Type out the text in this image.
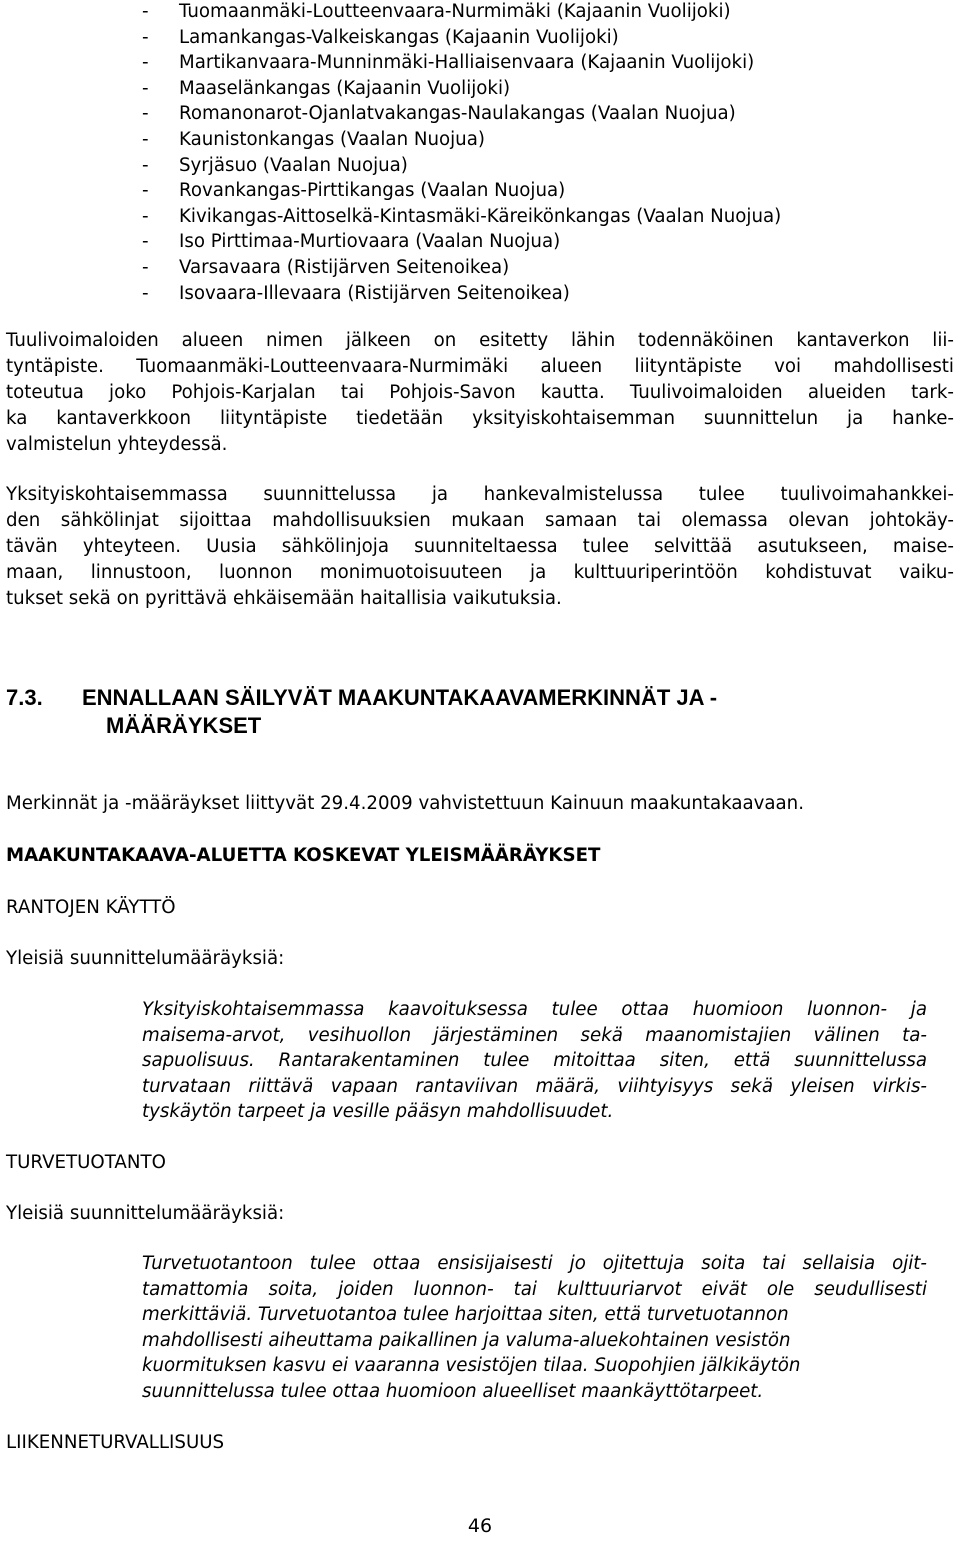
- Tuomaanmäki-Loutteenvaara-Nurmimäki (Kajaanin Vuolijoki)
- Lamankangas-Valkeiskangas (Kajaanin Vuolijoki)
- Martikanvaara-Munninmäki-Halliaisenvaara (Kajaanin Vuolijoki)
- Maaselänkangas (Kajaanin Vuolijoki)
- Romanonarot-Ojanlatvakangas-Naulakangas (Vaalan Nuojua)
- Kaunistonkangas (Vaalan Nuojua)
- Syrjäsuo (Vaalan Nuojua)
- Rovankangas-Pirttikangas (Vaalan Nuojua)
- Kivikangas-Aittoselkä-Kintasmäki-Käreikönkangas (Vaalan Nuojua)
- Iso Pirttimaa-Murtiovaara (Vaalan Nuojua)
- Varsavaara (Ristijärven Seitenoikea)
- Isovaara-Illevaara (Ristijärven Seitenoikea)
Tuulivoimaloiden alueen nimen jälkeen on esitetty lähin todennäköinen kantaverkon lii-
tyntäpiste. Tuomaanmäki-Loutteenvaara-Nurmimäki alueen liityntäpiste voi mahdollisesti
toteutua joko Pohjois-Karjalan tai Pohjois-Savon kautta. Tuulivoimaloiden alueiden tark-
ka kantaverkkoon liityntäpiste tiedetään yksityiskohtaisemman suunnittelun ja hanke-
valmistelun yhteydessä.
Yksityiskohtaisemmassa suunnittelussa ja hankevalmistelussa tulee tuulivoimahankkei-
den sähkölinjat sijoittaa mahdollisuuksien mukaan samaan tai olemassa olevan johtokäy-
tävän yhteyteen. Uusia sähkölinjoja suunniteltaessa tulee selvittää asutukseen, maise-
maan, linnustoon, luonnon monimuotoisuuteen ja kulttuuriperintöön kohdistuvat vaiku-
tukset sekä on pyrittävä ehkäisemään haitallisia vaikutuksia.
7.3. ENNALLAAN SÄILYVÄT MAAKUNTAKAAVAMERKINNÄT JA -
MÄÄRÄYKSET

Merkinnät ja -määräykset liittyvät 29.4.2009 vahvistettuun Kainuun maakuntakaavaan.

MAAKUNTAKAAVA-ALUETTA KOSKEVAT YLEISMÄÄRÄYKSET

RANTOJEN KÄYTTÖ

Yleisiä suunnittelumääräyksiä:

Yksityiskohtaisemmassa kaavoituksessa tulee ottaa huomioon luonnon- ja
maisema-arvot, vesihuollon järjestäminen sekä maanomistajien välinen ta-
sapuolisuus. Rantarakentaminen tulee mitoittaa siten, että suunnittelussa
turvataan riittävä vapaan rantaviivan määrä, viihtyisyys sekä yleisen virkis-
tyskäytön tarpeet ja vesille pääsyn mahdollisuudet.

TURVETUOTANTO

Yleisiä suunnittelumääräyksiä:

Turvetuotantoon tulee ottaa ensisijaisesti jo ojitettuja soita tai sellaisia ojit-
tamattomia soita, joiden luonnon- tai kulttuuriarvot eivät ole seudullisesti
merkittäviä. Turvetuotantoa tulee harjoittaa siten, että turvetuotannon
mahdollisesti aiheuttama paikallinen ja valuma-aluekohtainen vesistön
kuormituksen kasvu ei vaaranna vesistöjen tilaa. Suopohjien jälkikäytön
suunnittelussa tulee ottaa huomioon alueelliset maankäyttötarpeet.

LIIKENNETURVALLISUUS

46
